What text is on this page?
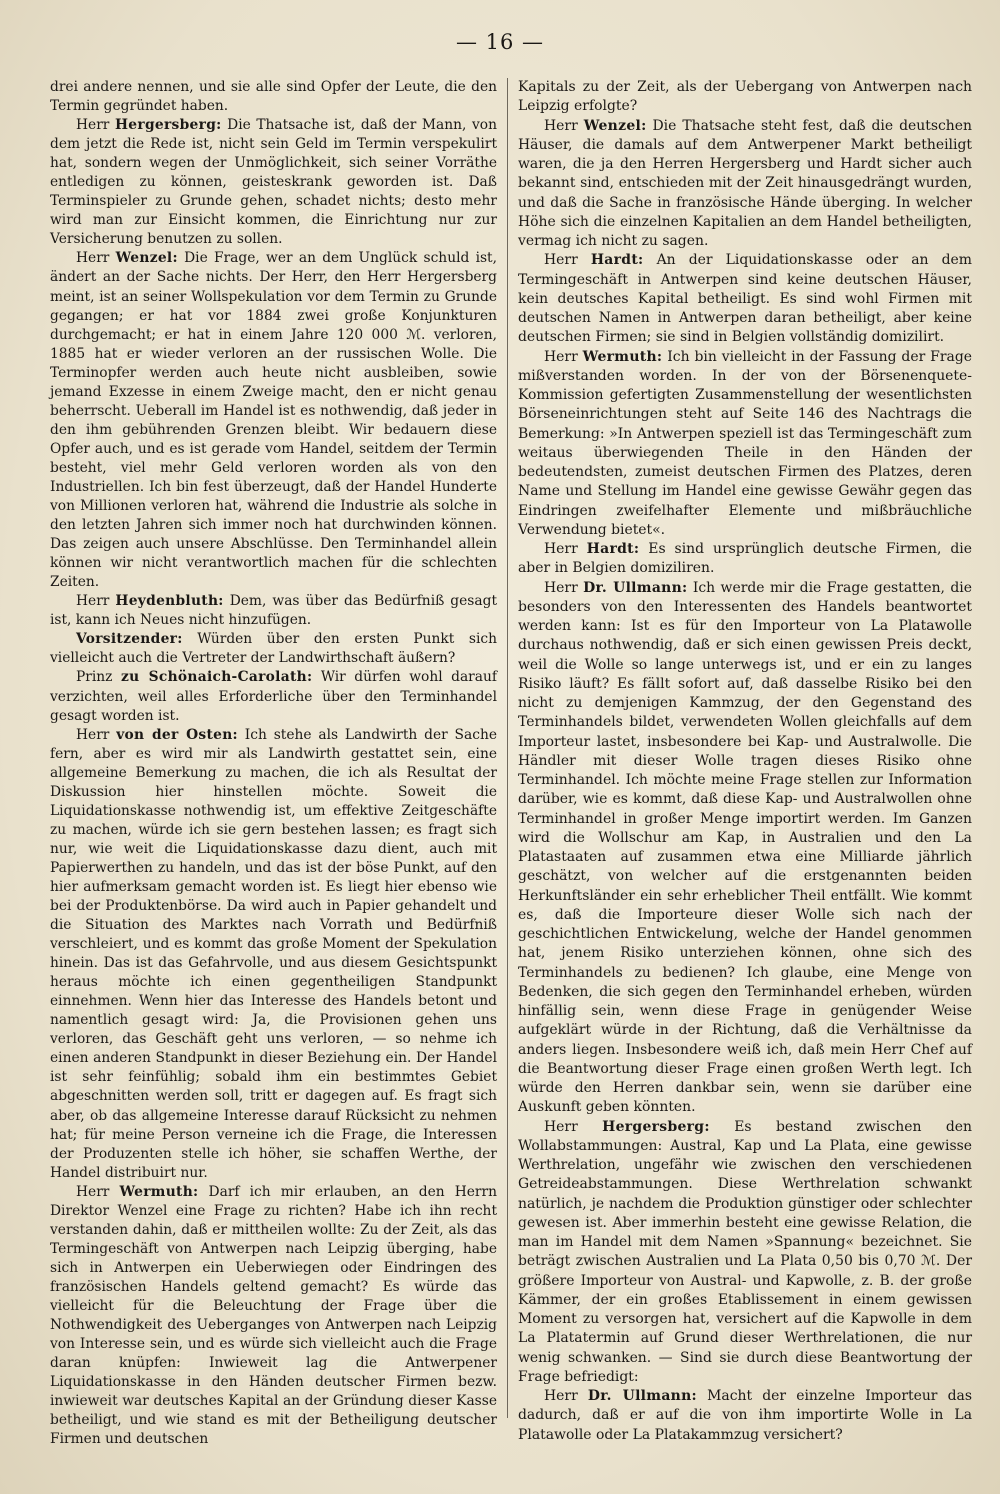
— 16 —

drei andere nennen, und sie alle sind Opfer der Leute, die den Termin gegründet haben.

Herr Hergersberg: Die Thatsache ist, daß der Mann, von dem jetzt die Rede ist, nicht sein Geld im Termin verspekulirt hat, sondern wegen der Unmöglichkeit, sich seiner Vorräthe entledigen zu können, geisteskrank geworden ist. Daß Terminspieler zu Grunde gehen, schadet nichts; desto mehr wird man zur Einsicht kommen, die Einrichtung nur zur Versicherung benutzen zu sollen.

Herr Wenzel: Die Frage, wer an dem Unglück schuld ist, ändert an der Sache nichts. Der Herr, den Herr Hergersberg meint, ist an seiner Wollspekulation vor dem Termin zu Grunde gegangen; er hat vor 1884 zwei große Konjunkturen durchgemacht; er hat in einem Jahre 120 000 ℳ. verloren, 1885 hat er wieder verloren an der russischen Wolle. Die Terminopfer werden auch heute nicht ausbleiben, sowie jemand Exzesse in einem Zweige macht, den er nicht genau beherrscht. Ueberall im Handel ist es nothwendig, daß jeder in den ihm gebührenden Grenzen bleibt. Wir bedauern diese Opfer auch, und es ist gerade vom Handel, seitdem der Termin besteht, viel mehr Geld verloren worden als von den Industriellen. Ich bin fest überzeugt, daß der Handel Hunderte von Millionen verloren hat, während die Industrie als solche in den letzten Jahren sich immer noch hat durchwinden können. Das zeigen auch unsere Abschlüsse. Den Terminhandel allein können wir nicht verantwortlich machen für die schlechten Zeiten.

Herr Heydenbluth: Dem, was über das Bedürfniß gesagt ist, kann ich Neues nicht hinzufügen.

Vorsitzender: Würden über den ersten Punkt sich vielleicht auch die Vertreter der Landwirthschaft äußern?

Prinz zu Schönaich-Carolath: Wir dürfen wohl darauf verzichten, weil alles Erforderliche über den Terminhandel gesagt worden ist.

Herr von der Osten: Ich stehe als Landwirth der Sache fern, aber es wird mir als Landwirth gestattet sein, eine allgemeine Bemerkung zu machen, die ich als Resultat der Diskussion hier hinstellen möchte. Soweit die Liquidationskasse nothwendig ist, um effektive Zeitgeschäfte zu machen, würde ich sie gern bestehen lassen; es fragt sich nur, wie weit die Liquidationskasse dazu dient, auch mit Papierwerthen zu handeln, und das ist der böse Punkt, auf den hier aufmerksam gemacht worden ist. Es liegt hier ebenso wie bei der Produktenbörse. Da wird auch in Papier gehandelt und die Situation des Marktes nach Vorrath und Bedürfniß verschleiert, und es kommt das große Moment der Spekulation hinein. Das ist das Gefahrvolle, und aus diesem Gesichtspunkt heraus möchte ich einen gegentheiligen Standpunkt einnehmen. Wenn hier das Interesse des Handels betont und namentlich gesagt wird: Ja, die Provisionen gehen uns verloren, das Geschäft geht uns verloren, — so nehme ich einen anderen Standpunkt in dieser Beziehung ein. Der Handel ist sehr feinfühlig; sobald ihm ein bestimmtes Gebiet abgeschnitten werden soll, tritt er dagegen auf. Es fragt sich aber, ob das allgemeine Interesse darauf Rücksicht zu nehmen hat; für meine Person verneine ich die Frage, die Interessen der Produzenten stelle ich höher, sie schaffen Werthe, der Handel distribuirt nur.

Herr Wermuth: Darf ich mir erlauben, an den Herrn Direktor Wenzel eine Frage zu richten? Habe ich ihn recht verstanden dahin, daß er mittheilen wollte: Zu der Zeit, als das Termingeschäft von Antwerpen nach Leipzig überging, habe sich in Antwerpen ein Ueberwiegen oder Eindringen des französischen Handels geltend gemacht? Es würde das vielleicht für die Beleuchtung der Frage über die Nothwendigkeit des Ueberganges von Antwerpen nach Leipzig von Interesse sein, und es würde sich vielleicht auch die Frage daran knüpfen: Inwieweit lag die Antwerpener Liquidationskasse in den Händen deutscher Firmen bezw. inwieweit war deutsches Kapital an der Gründung dieser Kasse betheiligt, und wie stand es mit der Betheiligung deutscher Firmen und deutschen

Kapitals zu der Zeit, als der Uebergang von Antwerpen nach Leipzig erfolgte?

Herr Wenzel: Die Thatsache steht fest, daß die deutschen Häuser, die damals auf dem Antwerpener Markt betheiligt waren, die ja den Herren Hergersberg und Hardt sicher auch bekannt sind, entschieden mit der Zeit hinausgedrängt wurden, und daß die Sache in französische Hände überging. In welcher Höhe sich die einzelnen Kapitalien an dem Handel betheiligten, vermag ich nicht zu sagen.

Herr Hardt: An der Liquidationskasse oder an dem Termingeschäft in Antwerpen sind keine deutschen Häuser, kein deutsches Kapital betheiligt. Es sind wohl Firmen mit deutschen Namen in Antwerpen daran betheiligt, aber keine deutschen Firmen; sie sind in Belgien vollständig domizilirt.

Herr Wermuth: Ich bin vielleicht in der Fassung der Frage mißverstanden worden. In der von der Börsenenquete-Kommission gefertigten Zusammenstellung der wesentlichsten Börseneinrichtungen steht auf Seite 146 des Nachtrags die Bemerkung: »In Antwerpen speziell ist das Termingeschäft zum weitaus überwiegenden Theile in den Händen der bedeutendsten, zumeist deutschen Firmen des Platzes, deren Name und Stellung im Handel eine gewisse Gewähr gegen das Eindringen zweifelhafter Elemente und mißbräuchliche Verwendung bietet«.

Herr Hardt: Es sind ursprünglich deutsche Firmen, die aber in Belgien domiziliren.

Herr Dr. Ullmann: Ich werde mir die Frage gestatten, die besonders von den Interessenten des Handels beantwortet werden kann: Ist es für den Importeur von La Platawolle durchaus nothwendig, daß er sich einen gewissen Preis deckt, weil die Wolle so lange unterwegs ist, und er ein zu langes Risiko läuft? Es fällt sofort auf, daß dasselbe Risiko bei den nicht zu demjenigen Kammzug, der den Gegenstand des Terminhandels bildet, verwendeten Wollen gleichfalls auf dem Importeur lastet, insbesondere bei Kap- und Australwolle. Die Händler mit dieser Wolle tragen dieses Risiko ohne Terminhandel. Ich möchte meine Frage stellen zur Information darüber, wie es kommt, daß diese Kap- und Australwollen ohne Terminhandel in großer Menge importirt werden. Im Ganzen wird die Wollschur am Kap, in Australien und den La Platastaaten auf zusammen etwa eine Milliarde jährlich geschätzt, von welcher auf die erstgenannten beiden Herkunftsländer ein sehr erheblicher Theil entfällt. Wie kommt es, daß die Importeure dieser Wolle sich nach der geschichtlichen Entwickelung, welche der Handel genommen hat, jenem Risiko unterziehen können, ohne sich des Terminhandels zu bedienen? Ich glaube, eine Menge von Bedenken, die sich gegen den Terminhandel erheben, würden hinfällig sein, wenn diese Frage in genügender Weise aufgeklärt würde in der Richtung, daß die Verhältnisse da anders liegen. Insbesondere weiß ich, daß mein Herr Chef auf die Beantwortung dieser Frage einen großen Werth legt. Ich würde den Herren dankbar sein, wenn sie darüber eine Auskunft geben könnten.

Herr Hergersberg: Es bestand zwischen den Wollabstammungen: Austral, Kap und La Plata, eine gewisse Werthrelation, ungefähr wie zwischen den verschiedenen Getreideabstammungen. Diese Werthrelation schwankt natürlich, je nachdem die Produktion günstiger oder schlechter gewesen ist. Aber immerhin besteht eine gewisse Relation, die man im Handel mit dem Namen »Spannung« bezeichnet. Sie beträgt zwischen Australien und La Plata 0,50 bis 0,70 ℳ. Der größere Importeur von Austral- und Kapwolle, z. B. der große Kämmer, der ein großes Etablissement in einem gewissen Moment zu versorgen hat, versichert auf die Kapwolle in dem La Platatermin auf Grund dieser Werthrelationen, die nur wenig schwanken. — Sind sie durch diese Beantwortung der Frage befriedigt:

Herr Dr. Ullmann: Macht der einzelne Importeur das dadurch, daß er auf die von ihm importirte Wolle in La Platawolle oder La Platakammzug versichert?
